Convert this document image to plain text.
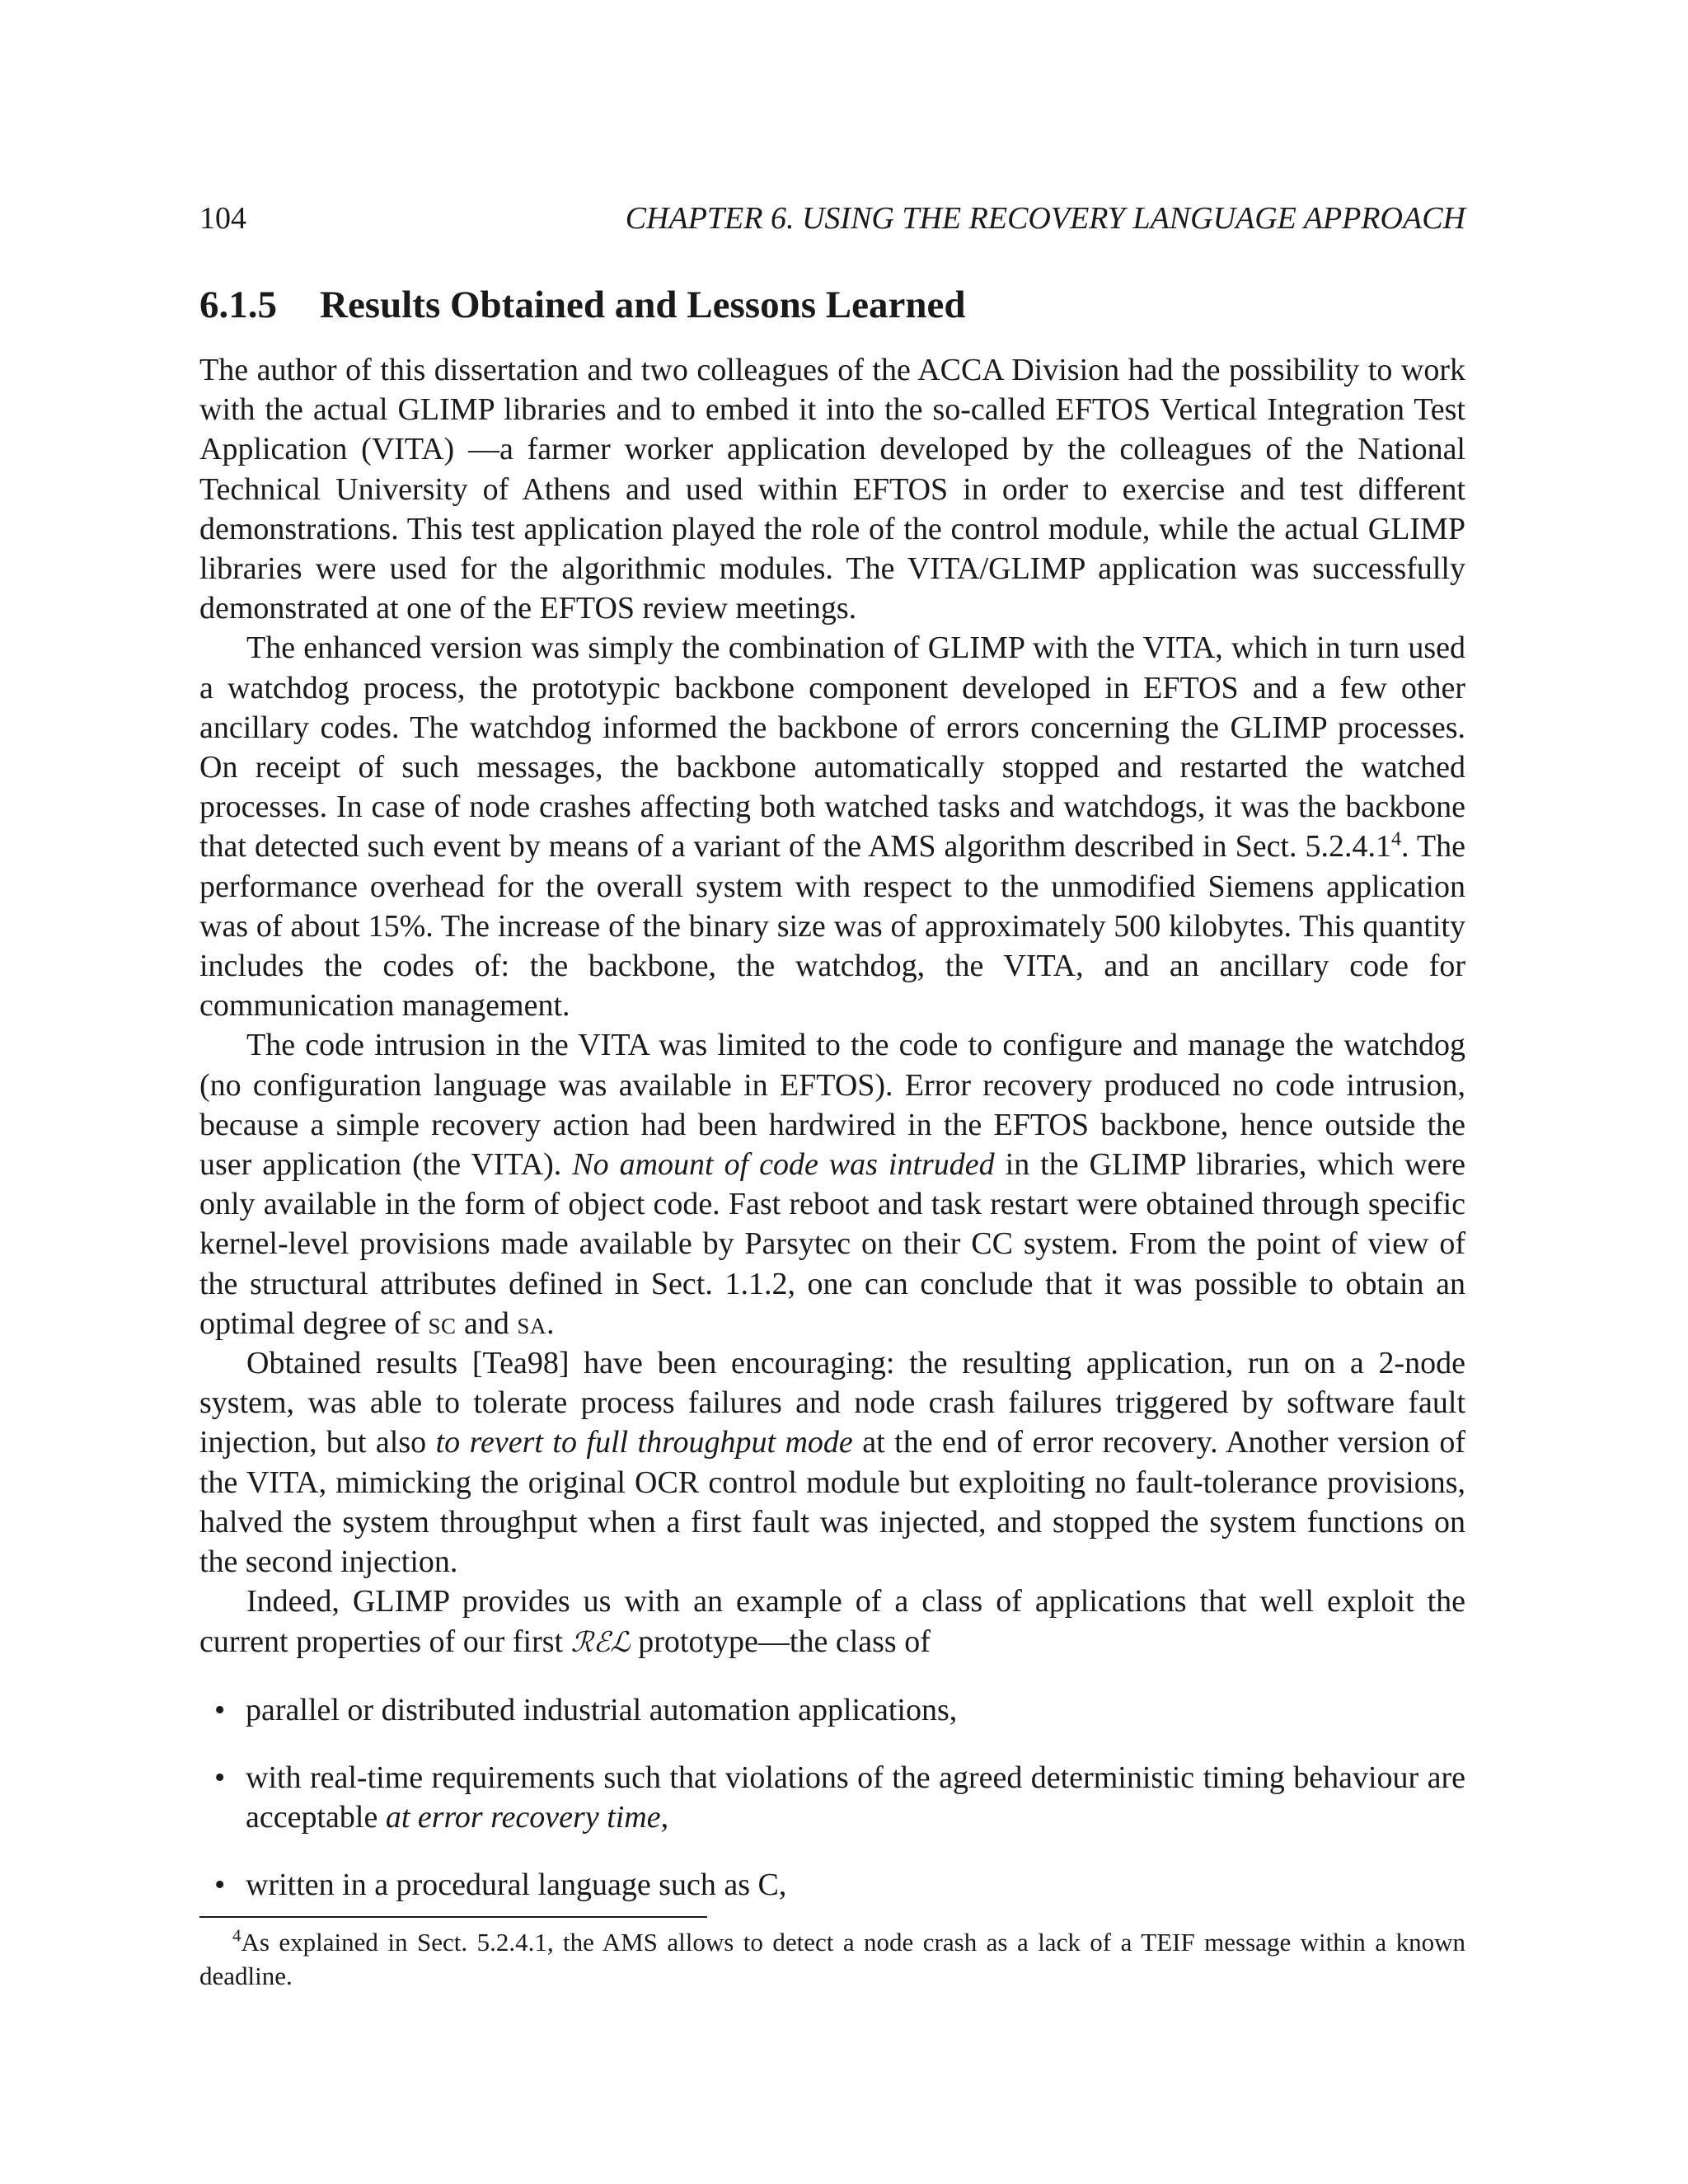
104	CHAPTER 6. USING THE RECOVERY LANGUAGE APPROACH
6.1.5 Results Obtained and Lessons Learned

The author of this dissertation and two colleagues of the ACCA Division had the possibility to work with the actual GLIMP libraries and to embed it into the so-called EFTOS Vertical Integration Test Application (VITA) —a farmer worker application developed by the colleagues of the National Technical University of Athens and used within EFTOS in order to exercise and test different demonstrations. This test application played the role of the control module, while the actual GLIMP libraries were used for the algorithmic modules. The VITA/GLIMP application was successfully demonstrated at one of the EFTOS review meetings.

The enhanced version was simply the combination of GLIMP with the VITA, which in turn used a watchdog process, the prototypic backbone component developed in EFTOS and a few other ancillary codes. The watchdog informed the backbone of errors concerning the GLIMP processes. On receipt of such messages, the backbone automatically stopped and restarted the watched processes. In case of node crashes affecting both watched tasks and watchdogs, it was the backbone that detected such event by means of a variant of the AMS algorithm described in Sect. 5.2.4.1$^4$. The performance overhead for the overall system with respect to the unmodified Siemens application was of about 15%. The increase of the binary size was of approximately 500 kilobytes. This quantity includes the codes of: the backbone, the watchdog, the VITA, and an ancillary code for communication management.

The code intrusion in the VITA was limited to the code to configure and manage the watchdog (no configuration language was available in EFTOS). Error recovery produced no code intrusion, because a simple recovery action had been hardwired in the EFTOS backbone, hence outside the user application (the VITA). No amount of code was intruded in the GLIMP libraries, which were only available in the form of object code. Fast reboot and task restart were obtained through specific kernel-level provisions made available by Parsytec on their CC system. From the point of view of the structural attributes defined in Sect. 1.1.2, one can conclude that it was possible to obtain an optimal degree of sc and sa.

Obtained results [Tea98] have been encouraging: the resulting application, run on a 2-node system, was able to tolerate process failures and node crash failures triggered by software fault injection, but also to revert to full throughput mode at the end of error recovery. Another version of the VITA, mimicking the original OCR control module but exploiting no fault-tolerance provisions, halved the system throughput when a first fault was injected, and stopped the system functions on the second injection.

Indeed, GLIMP provides us with an example of a class of applications that well exploit the current properties of our first ℛℰℒ prototype—the class of

• parallel or distributed industrial automation applications,
• with real-time requirements such that violations of the agreed deterministic timing behaviour are acceptable at error recovery time,
• written in a procedural language such as C,
$^4$As explained in Sect. 5.2.4.1, the AMS allows to detect a node crash as a lack of a TEIF message within a known deadline.
